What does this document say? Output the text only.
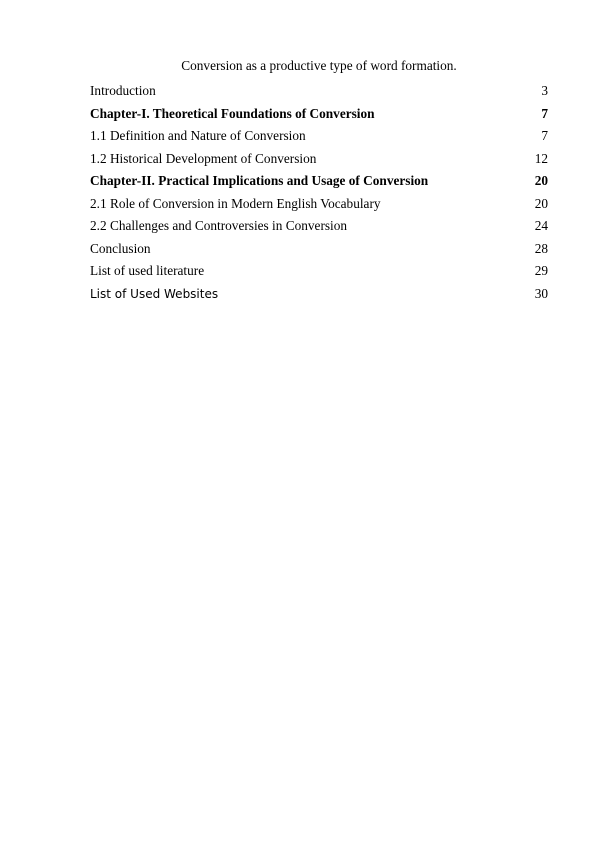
Conversion as a productive type of word formation.
Introduction	3
Chapter-I. Theoretical Foundations of Conversion	7
1.1 Definition and Nature of Conversion	7
1.2 Historical Development of Conversion	12
Chapter-II. Practical Implications and Usage of Conversion	20
2.1 Role of Conversion in Modern English Vocabulary	20
2.2 Challenges and Controversies in Conversion	24
Conclusion	28
List of used literature	29
List of Used Websites	30
